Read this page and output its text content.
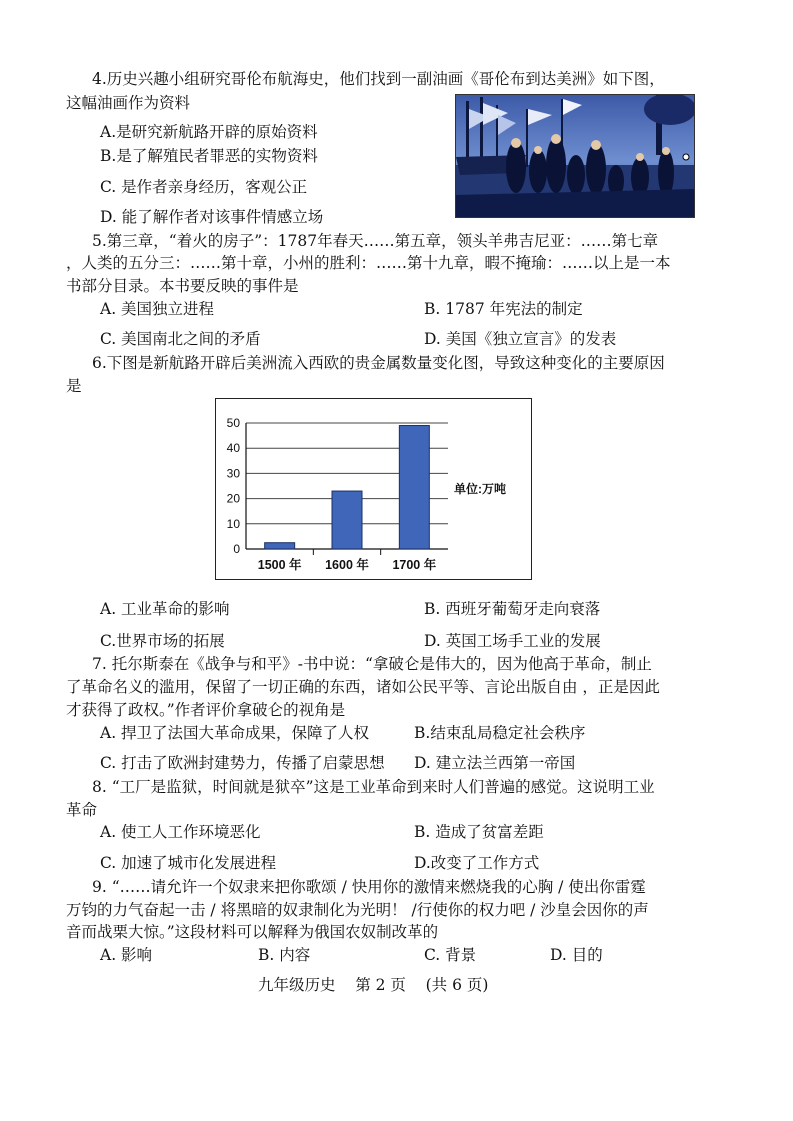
4.历史兴趣小组研究哥伦布航海史，他们找到一副油画《哥伦布到达美洲》如下图，
这幅油画作为资料
A.是研究新航路开辟的原始资料
B.是了解殖民者罪恶的实物资料
C. 是作者亲身经历，客观公正
D. 能了解作者对该事件情感立场
5.第三章，“着火的房子”：1787年春天……第五章，领头羊弗吉尼亚：……第七章
，人类的五分三：……第十章，小州的胜利：……第十九章，暇不掩瑜：……以上是一本
书部分目录。本书要反映的事件是
A. 美国独立进程	B. 1787 年宪法的制定
C. 美国南北之间的矛盾	D. 美国《独立宣言》的发表
6.下图是新航路开辟后美洲流入西欧的贵金属数量变化图，导致这种变化的主要原因
是
0
10
20
30
40
50
1500 年 1600 年 1700 年
单位:万吨
A. 工业革命的影响	B. 西班牙葡萄牙走向衰落
C.世界市场的拓展	D. 英国工场手工业的发展
7. 托尔斯泰在《战争与和平》-书中说：“拿破仑是伟大的，因为他高于革命，制止
了革命名义的滥用，保留了一切正确的东西，诸如公民平等、言论出版自由 ，正是因此
才获得了政权。”作者评价拿破仑的视角是
A. 捍卫了法国大革命成果，保障了人权	B.结束乱局稳定社会秩序
C. 打击了欧洲封建势力，传播了启蒙思想 D. 建立法兰西第一帝国
8. “工厂是监狱，时间就是狱卒”这是工业革命到来时人们普遍的感觉。这说明工业
革命
A. 使工人工作环境恶化	B. 造成了贫富差距
C. 加速了城市化发展进程	D.改变了工作方式
9. “……请允许一个奴隶来把你歌颂 / 快用你的激情来燃烧我的心胸 / 使出你雷霆
万钧的力气奋起一击 / 将黑暗的奴隶制化为光明！ /行使你的权力吧 / 沙皇会因你的声
音而战栗大惊。”这段材料可以解释为俄国农奴制改革的
A. 影响	B. 内容	C. 背景	D. 目的
九年级历史    第 2 页    (共 6 页)
